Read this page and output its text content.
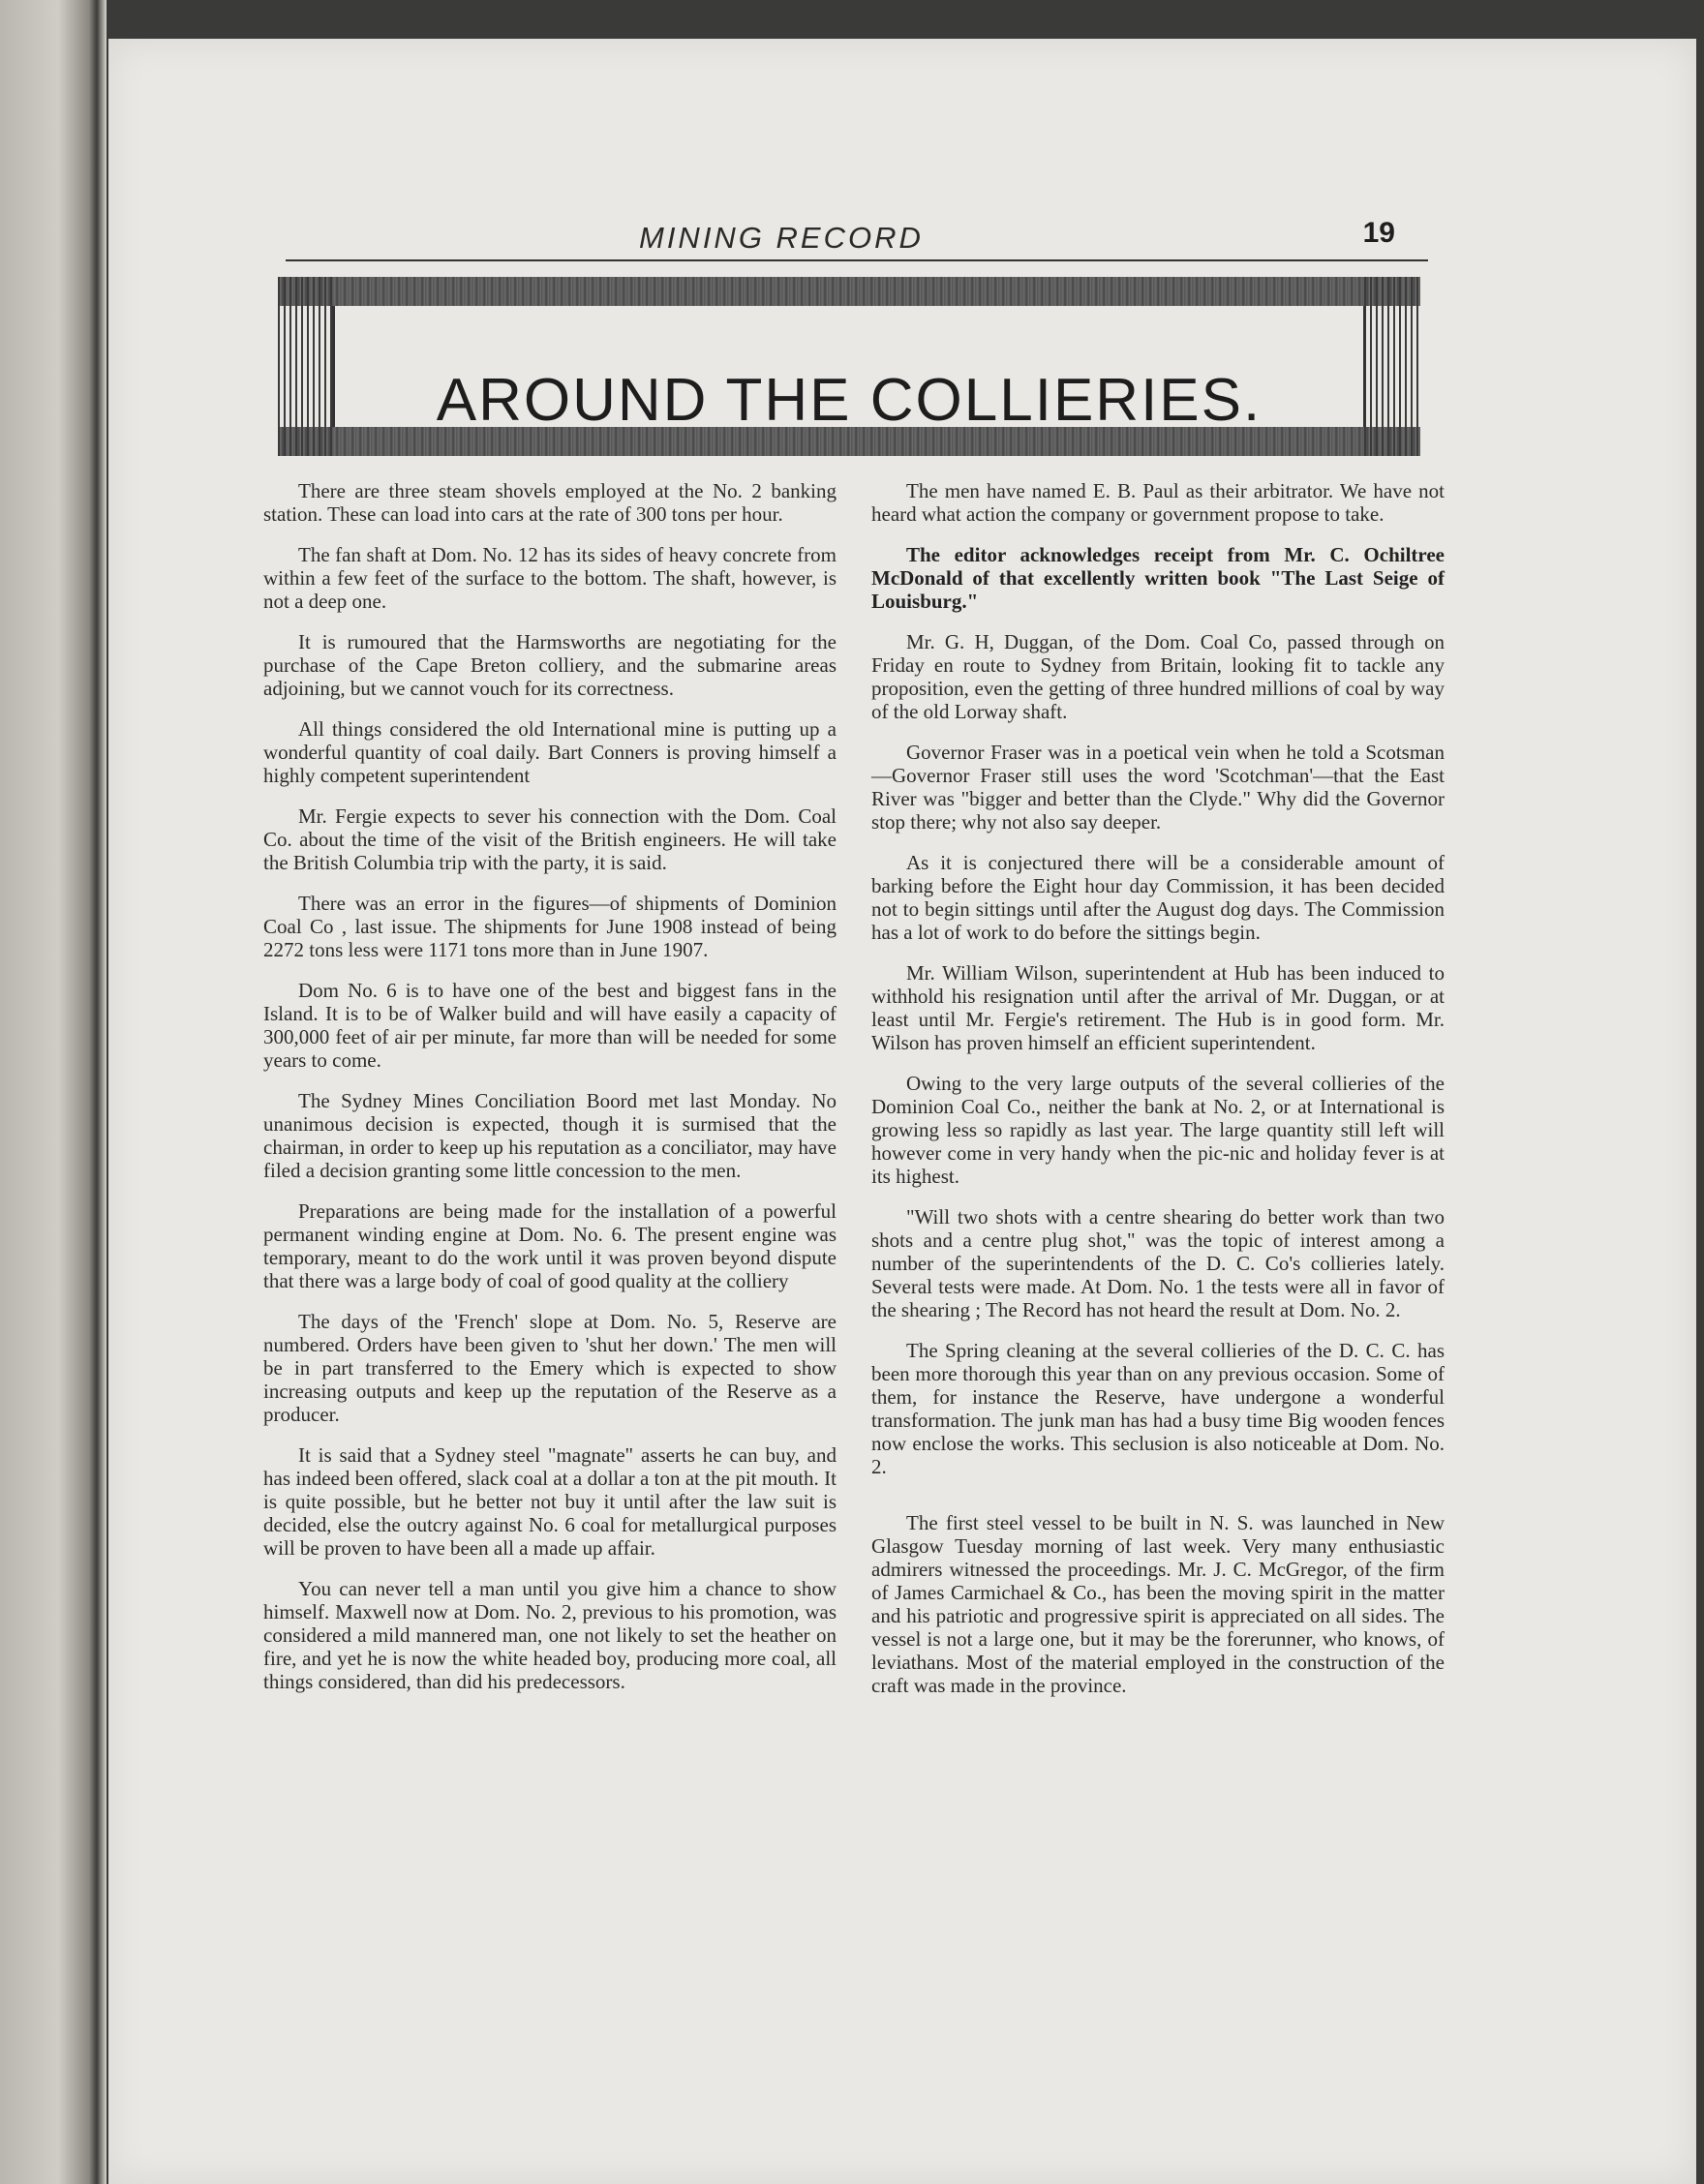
MINING RECORD	19
AROUND THE COLLIERIES.

There are three steam shovels employed at the No. 2 banking station. These can load into cars at the rate of 300 tons per hour.

The fan shaft at Dom. No. 12 has its sides of heavy concrete from within a few feet of the surface to the bottom. The shaft, however, is not a deep one.

It is rumoured that the Harmsworths are negotiating for the purchase of the Cape Breton colliery, and the submarine areas adjoining, but we cannot vouch for its correctness.

All things considered the old International mine is putting up a wonderful quantity of coal daily. Bart Conners is proving himself a highly competent superintendent

Mr. Fergie expects to sever his connection with the Dom. Coal Co. about the time of the visit of the British engineers. He will take the British Columbia trip with the party, it is said.

There was an error in the figures—of shipments of Dominion Coal Co , last issue. The shipments for June 1908 instead of being 2272 tons less were 1171 tons more than in June 1907.

Dom No. 6 is to have one of the best and biggest fans in the Island. It is to be of Walker build and will have easily a capacity of 300,000 feet of air per minute, far more than will be needed for some years to come.

The Sydney Mines Conciliation Boord met last Monday. No unanimous decision is expected, though it is surmised that the chairman, in order to keep up his reputation as a conciliator, may have filed a decision granting some little concession to the men.

Preparations are being made for the installation of a powerful permanent winding engine at Dom. No. 6. The present engine was temporary, meant to do the work until it was proven beyond dispute that there was a large body of coal of good quality at the colliery

The days of the 'French' slope at Dom. No. 5, Reserve are numbered. Orders have been given to 'shut her down.' The men will be in part transferred to the Emery which is expected to show increasing outputs and keep up the reputation of the Reserve as a producer.

It is said that a Sydney steel "magnate" asserts he can buy, and has indeed been offered, slack coal at a dollar a ton at the pit mouth. It is quite possible, but he better not buy it until after the law suit is decided, else the outcry against No. 6 coal for metallurgical purposes will be proven to have been all a made up affair.

You can never tell a man until you give him a chance to show himself. Maxwell now at Dom. No. 2, previous to his promotion, was considered a mild mannered man, one not likely to set the heather on fire, and yet he is now the white headed boy, producing more coal, all things considered, than did his predecessors.

The men have named E. B. Paul as their arbitrator. We have not heard what action the company or government propose to take.

The editor acknowledges receipt from Mr. C. Ochiltree McDonald of that excellently written book "The Last Seige of Louisburg."

Mr. G. H, Duggan, of the Dom. Coal Co, passed through on Friday en route to Sydney from Britain, looking fit to tackle any proposition, even the getting of three hundred millions of coal by way of the old Lorway shaft.

Governor Fraser was in a poetical vein when he told a Scotsman—Governor Fraser still uses the word 'Scotchman'—that the East River was "bigger and better than the Clyde." Why did the Governor stop there; why not also say deeper.

As it is conjectured there will be a considerable amount of barking before the Eight hour day Commission, it has been decided not to begin sittings until after the August dog days. The Commission has a lot of work to do before the sittings begin.

Mr. William Wilson, superintendent at Hub has been induced to withhold his resignation until after the arrival of Mr. Duggan, or at least until Mr. Fergie's retirement. The Hub is in good form. Mr. Wilson has proven himself an efficient superintendent.

Owing to the very large outputs of the several collieries of the Dominion Coal Co., neither the bank at No. 2, or at International is growing less so rapidly as last year. The large quantity still left will however come in very handy when the pic-nic and holiday fever is at its highest.

"Will two shots with a centre shearing do better work than two shots and a centre plug shot," was the topic of interest among a number of the superintendents of the D. C. Co's collieries lately. Several tests were made. At Dom. No. 1 the tests were all in favor of the shearing ; The Record has not heard the result at Dom. No. 2.

The Spring cleaning at the several collieries of the D. C. C. has been more thorough this year than on any previous occasion. Some of them, for instance the Reserve, have undergone a wonderful transformation. The junk man has had a busy time Big wooden fences now enclose the works. This seclusion is also noticeable at Dom. No. 2.

The first steel vessel to be built in N. S. was launched in New Glasgow Tuesday morning of last week. Very many enthusiastic admirers witnessed the proceedings. Mr. J. C. McGregor, of the firm of James Carmichael & Co., has been the moving spirit in the matter and his patriotic and progressive spirit is appreciated on all sides. The vessel is not a large one, but it may be the forerunner, who knows, of leviathans. Most of the material employed in the construction of the craft was made in the province.
